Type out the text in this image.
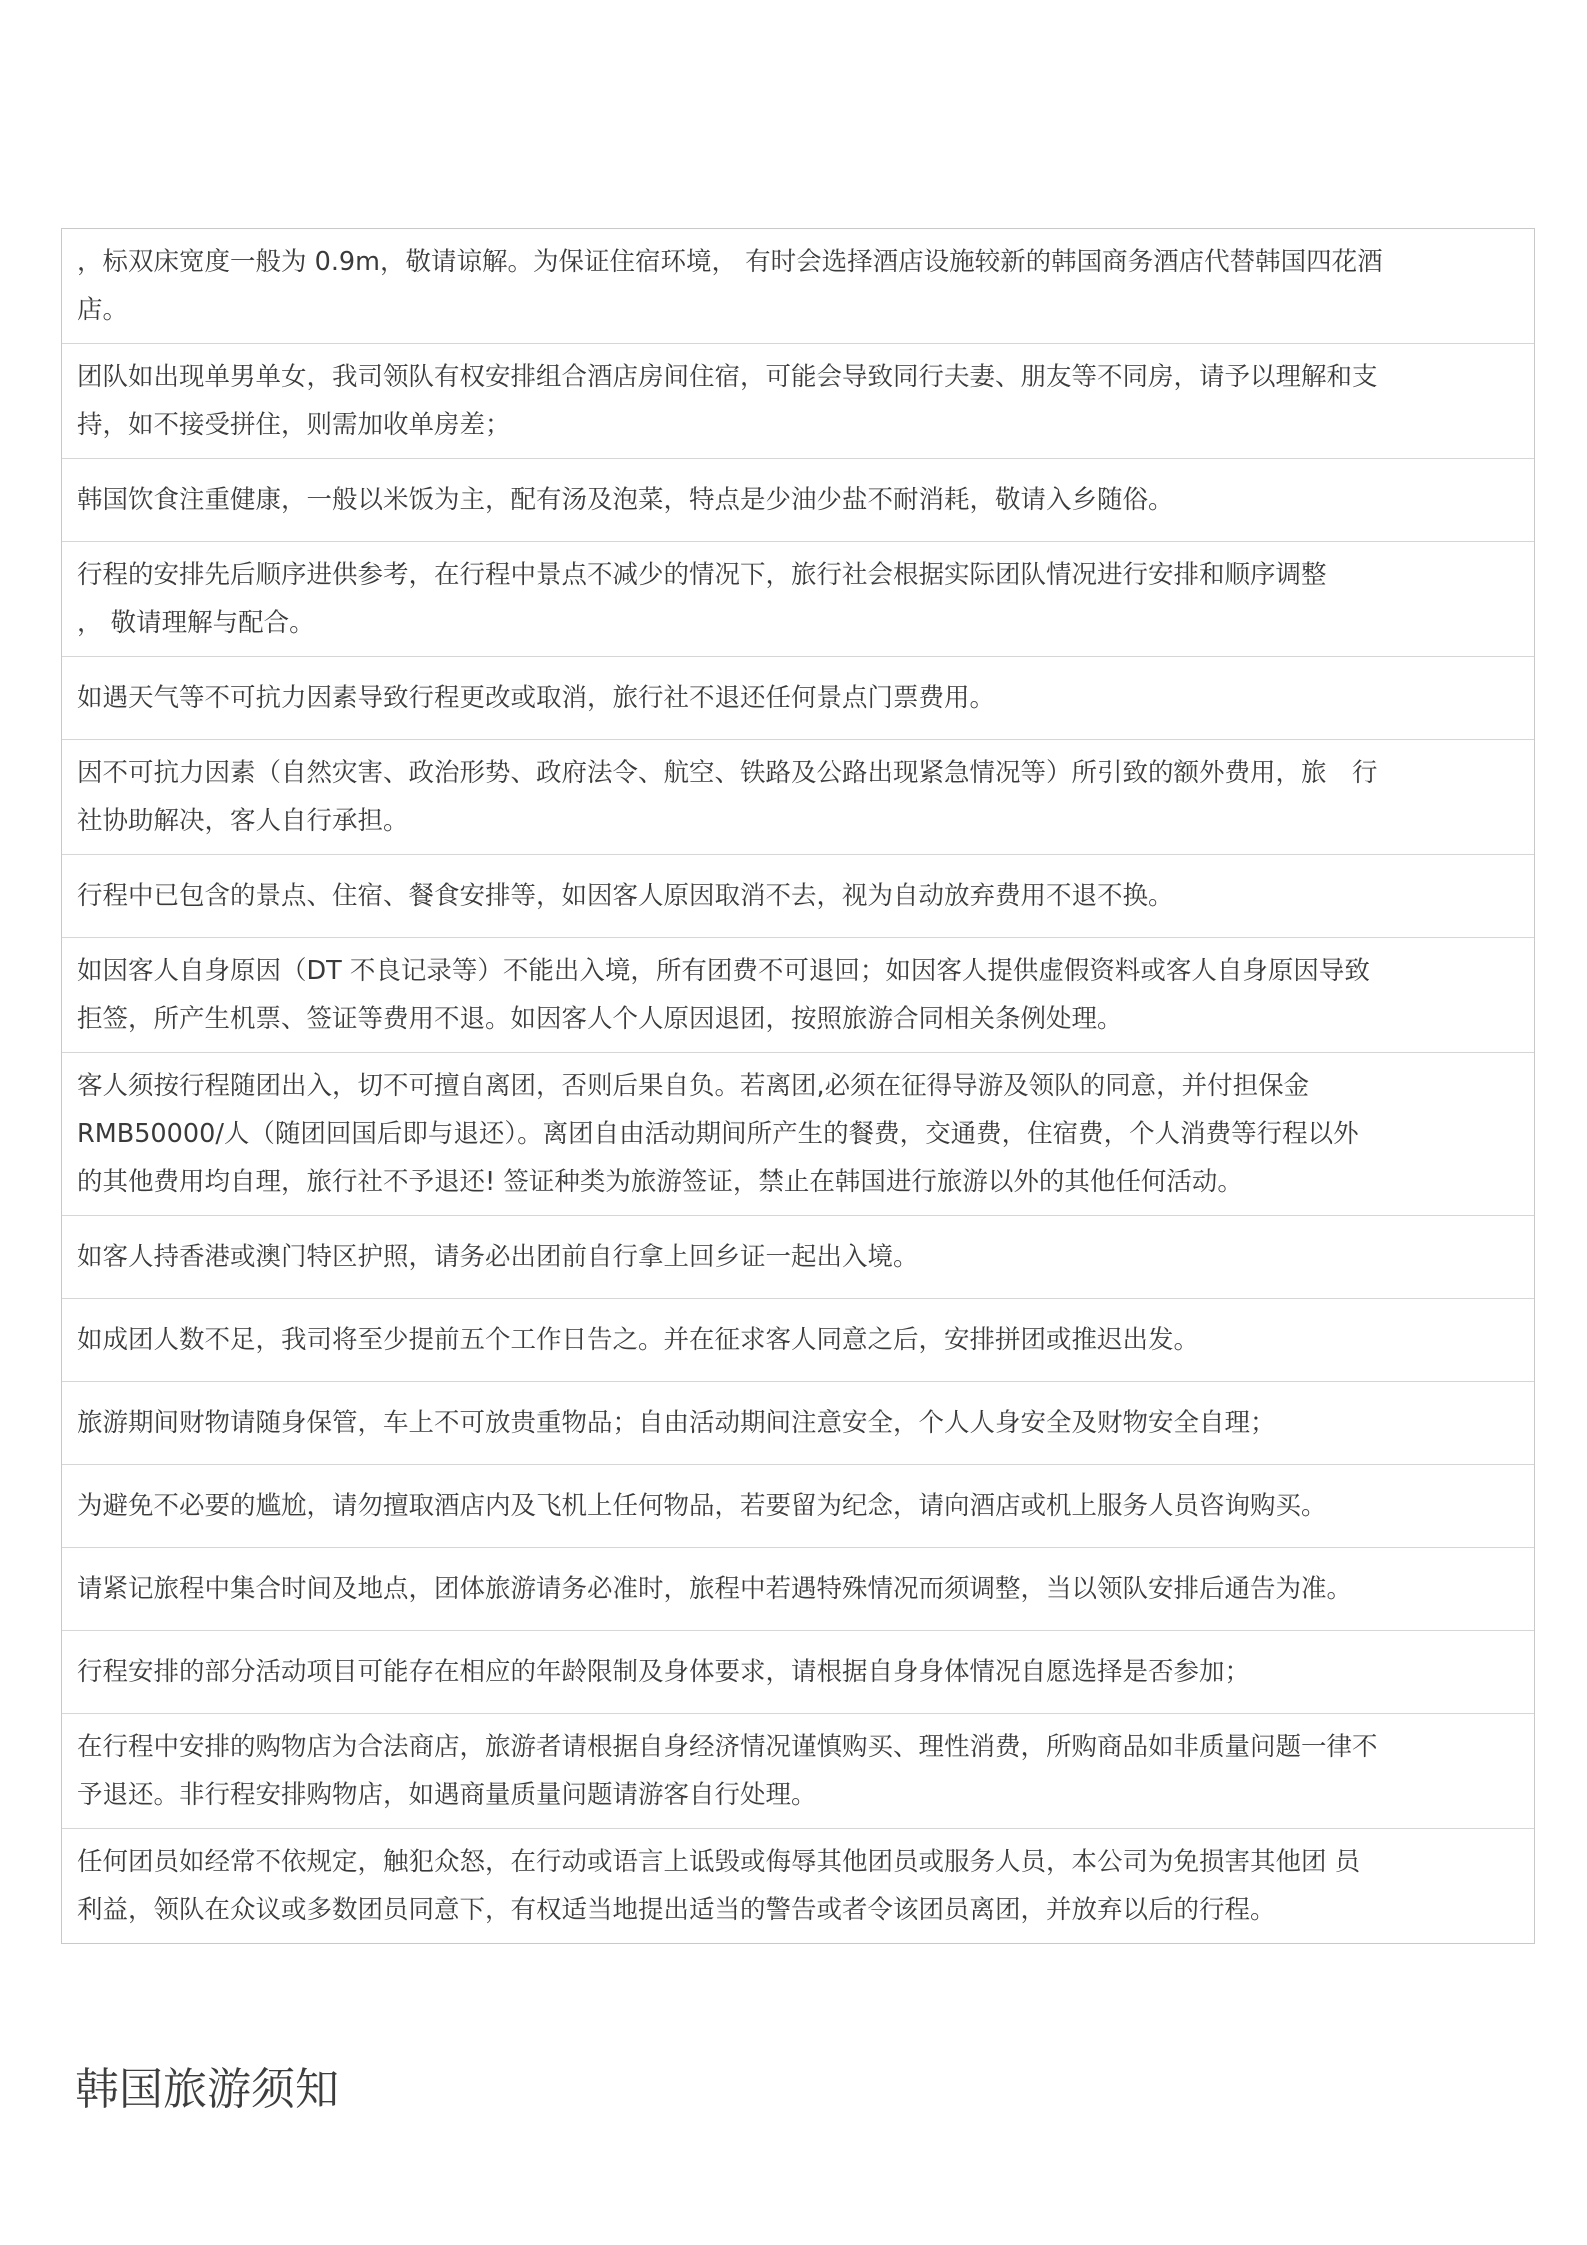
，标双床宽度一般为 0.9m，敬请谅解。为保证住宿环境， 有时会选择酒店设施较新的韩国商务酒店代替韩国四花酒
店。
团队如出现单男单女，我司领队有权安排组合酒店房间住宿，可能会导致同行夫妻、朋友等不同房，请予以理解和支
持，如不接受拼住，则需加收单房差；
韩国饮食注重健康，一般以米饭为主，配有汤及泡菜，特点是少油少盐不耐消耗，敬请入乡随俗。
行程的安排先后顺序进供参考，在行程中景点不减少的情况下，旅行社会根据实际团队情况进行安排和顺序调整
， 敬请理解与配合。
如遇天气等不可抗力因素导致行程更改或取消，旅行社不退还任何景点门票费用。
因不可抗力因素（自然灾害、政治形势、政府法令、航空、铁路及公路出现紧急情况等）所引致的额外费用，旅　行
社协助解决，客人自行承担。
行程中已包含的景点、住宿、餐食安排等，如因客人原因取消不去，视为自动放弃费用不退不换。
如因客人自身原因（DT 不良记录等）不能出入境，所有团费不可退回；如因客人提供虚假资料或客人自身原因导致
拒签，所产生机票、签证等费用不退。如因客人个人原因退团，按照旅游合同相关条例处理。
客人须按行程随团出入，切不可擅自离团，否则后果自负。若离团,必须在征得导游及领队的同意，并付担保金
RMB50000/人（随团回国后即与退还）。离团自由活动期间所产生的餐费，交通费，住宿费，个人消费等行程以外
的其他费用均自理，旅行社不予退还! 签证种类为旅游签证，禁止在韩国进行旅游以外的其他任何活动。
如客人持香港或澳门特区护照，请务必出团前自行拿上回乡证一起出入境。
如成团人数不足，我司将至少提前五个工作日告之。并在征求客人同意之后，安排拼团或推迟出发。
旅游期间财物请随身保管，车上不可放贵重物品；自由活动期间注意安全，个人人身安全及财物安全自理；
为避免不必要的尴尬，请勿擅取酒店内及飞机上任何物品，若要留为纪念，请向酒店或机上服务人员咨询购买。
请紧记旅程中集合时间及地点，团体旅游请务必准时，旅程中若遇特殊情况而须调整，当以领队安排后通告为准。
行程安排的部分活动项目可能存在相应的年龄限制及身体要求，请根据自身身体情况自愿选择是否参加；
在行程中安排的购物店为合法商店，旅游者请根据自身经济情况谨慎购买、理性消费，所购商品如非质量问题一律不
予退还。非行程安排购物店，如遇商量质量问题请游客自行处理。
任何团员如经常不依规定，触犯众怒，在行动或语言上诋毁或侮辱其他团员或服务人员，本公司为免损害其他团 员
利益，领队在众议或多数团员同意下，有权适当地提出适当的警告或者令该团员离团，并放弃以后的行程。
韩国旅游须知
